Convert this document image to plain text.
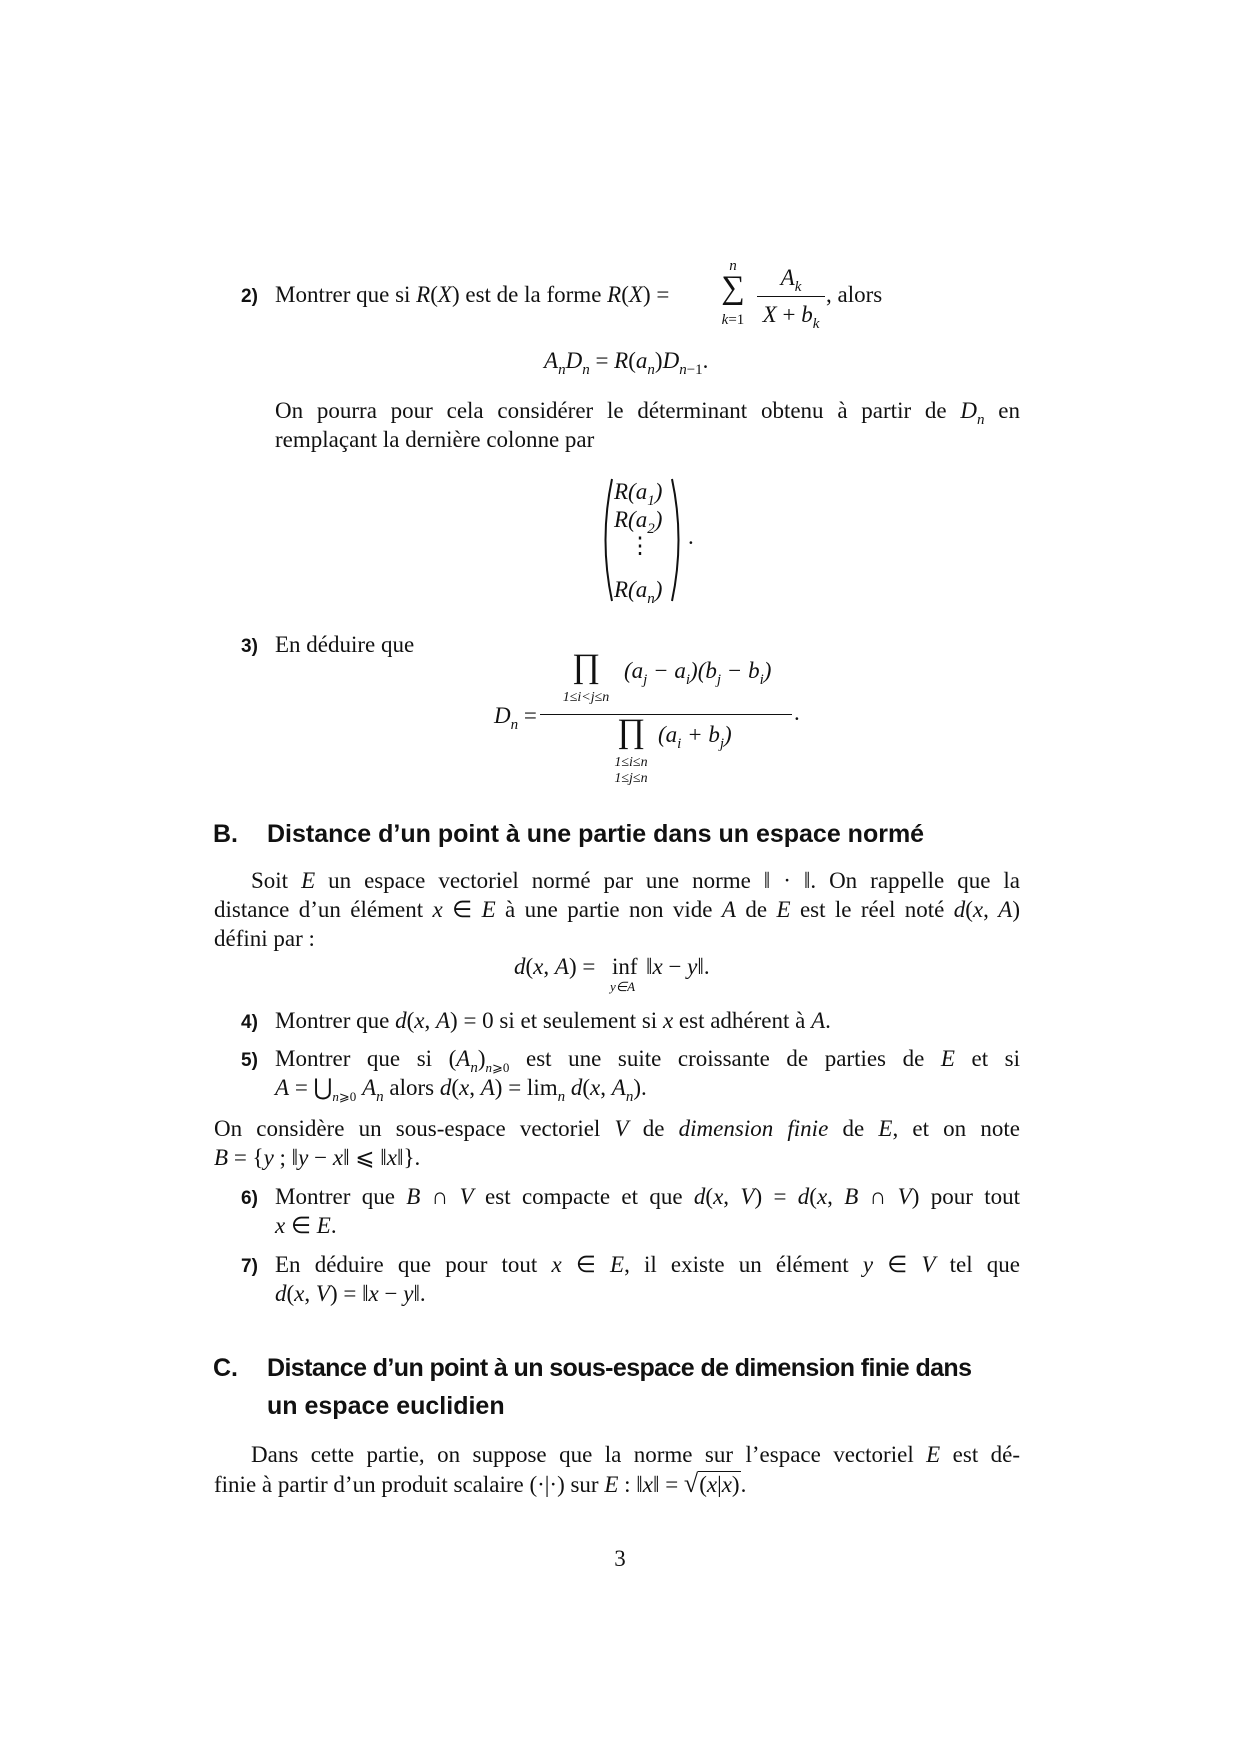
2) Montrer que si R(X) est de la forme R(X) =
n
∑
k=1
$A_k$
$X + b_k$
, alors
$A_nD_n = R(a_n)D_{n-1}$.
On pourra pour cela considérer le déterminant obtenu à partir de $D_n$ en
remplaçant la dernière colonne par
$R(a_1)$
$R(a_2)$
⋮
$R(a_n)$
.
3) En déduire que
∏
1≤i<j≤n
$(a_j - a_i)(b_j - b_i)$
$D_n$ =	.
∏ $(a_i + b_j)$
1≤i≤n
1≤j≤n
B. Distance d’un point à une partie dans un espace normé
Soit E un espace vectoriel normé par une norme ‖ · ‖. On rappelle que la
distance d’un élément x ∈ E à une partie non vide A de E est le réel noté d(x, A)
défini par :
d(x, A) = inf
y∈A
‖x − y‖.
4) Montrer que d(x, A) = 0 si et seulement si x est adhérent à A.
5) Montrer que si $(A_n)_{n⩾0}$ est une suite croissante de parties de E et si
$A = ⋃_{n⩾0}$ $A_n$ alors d(x, $A) = \lim_n d(x$, $A_n$).
On considère un sous-espace vectoriel V de dimension finie de E, et on note
B = {y ; ‖y − x‖ ⩽ ‖x‖}.
6) Montrer que B ∩ V est compacte et que d(x, V) = d(x, B ∩ V) pour tout
x ∈ E.
7) En déduire que pour tout x ∈ E, il existe un élément y ∈ V tel que
d(x, V) = ‖x − y‖.
C. Distance d’un point à un sous-espace de dimension finie dans
un espace euclidien
Dans cette partie, on suppose que la norme sur l’espace vectoriel E est dé-
finie à partir d’un produit scalaire (·|·) sur E : ‖x‖ = √(x|x).
3
